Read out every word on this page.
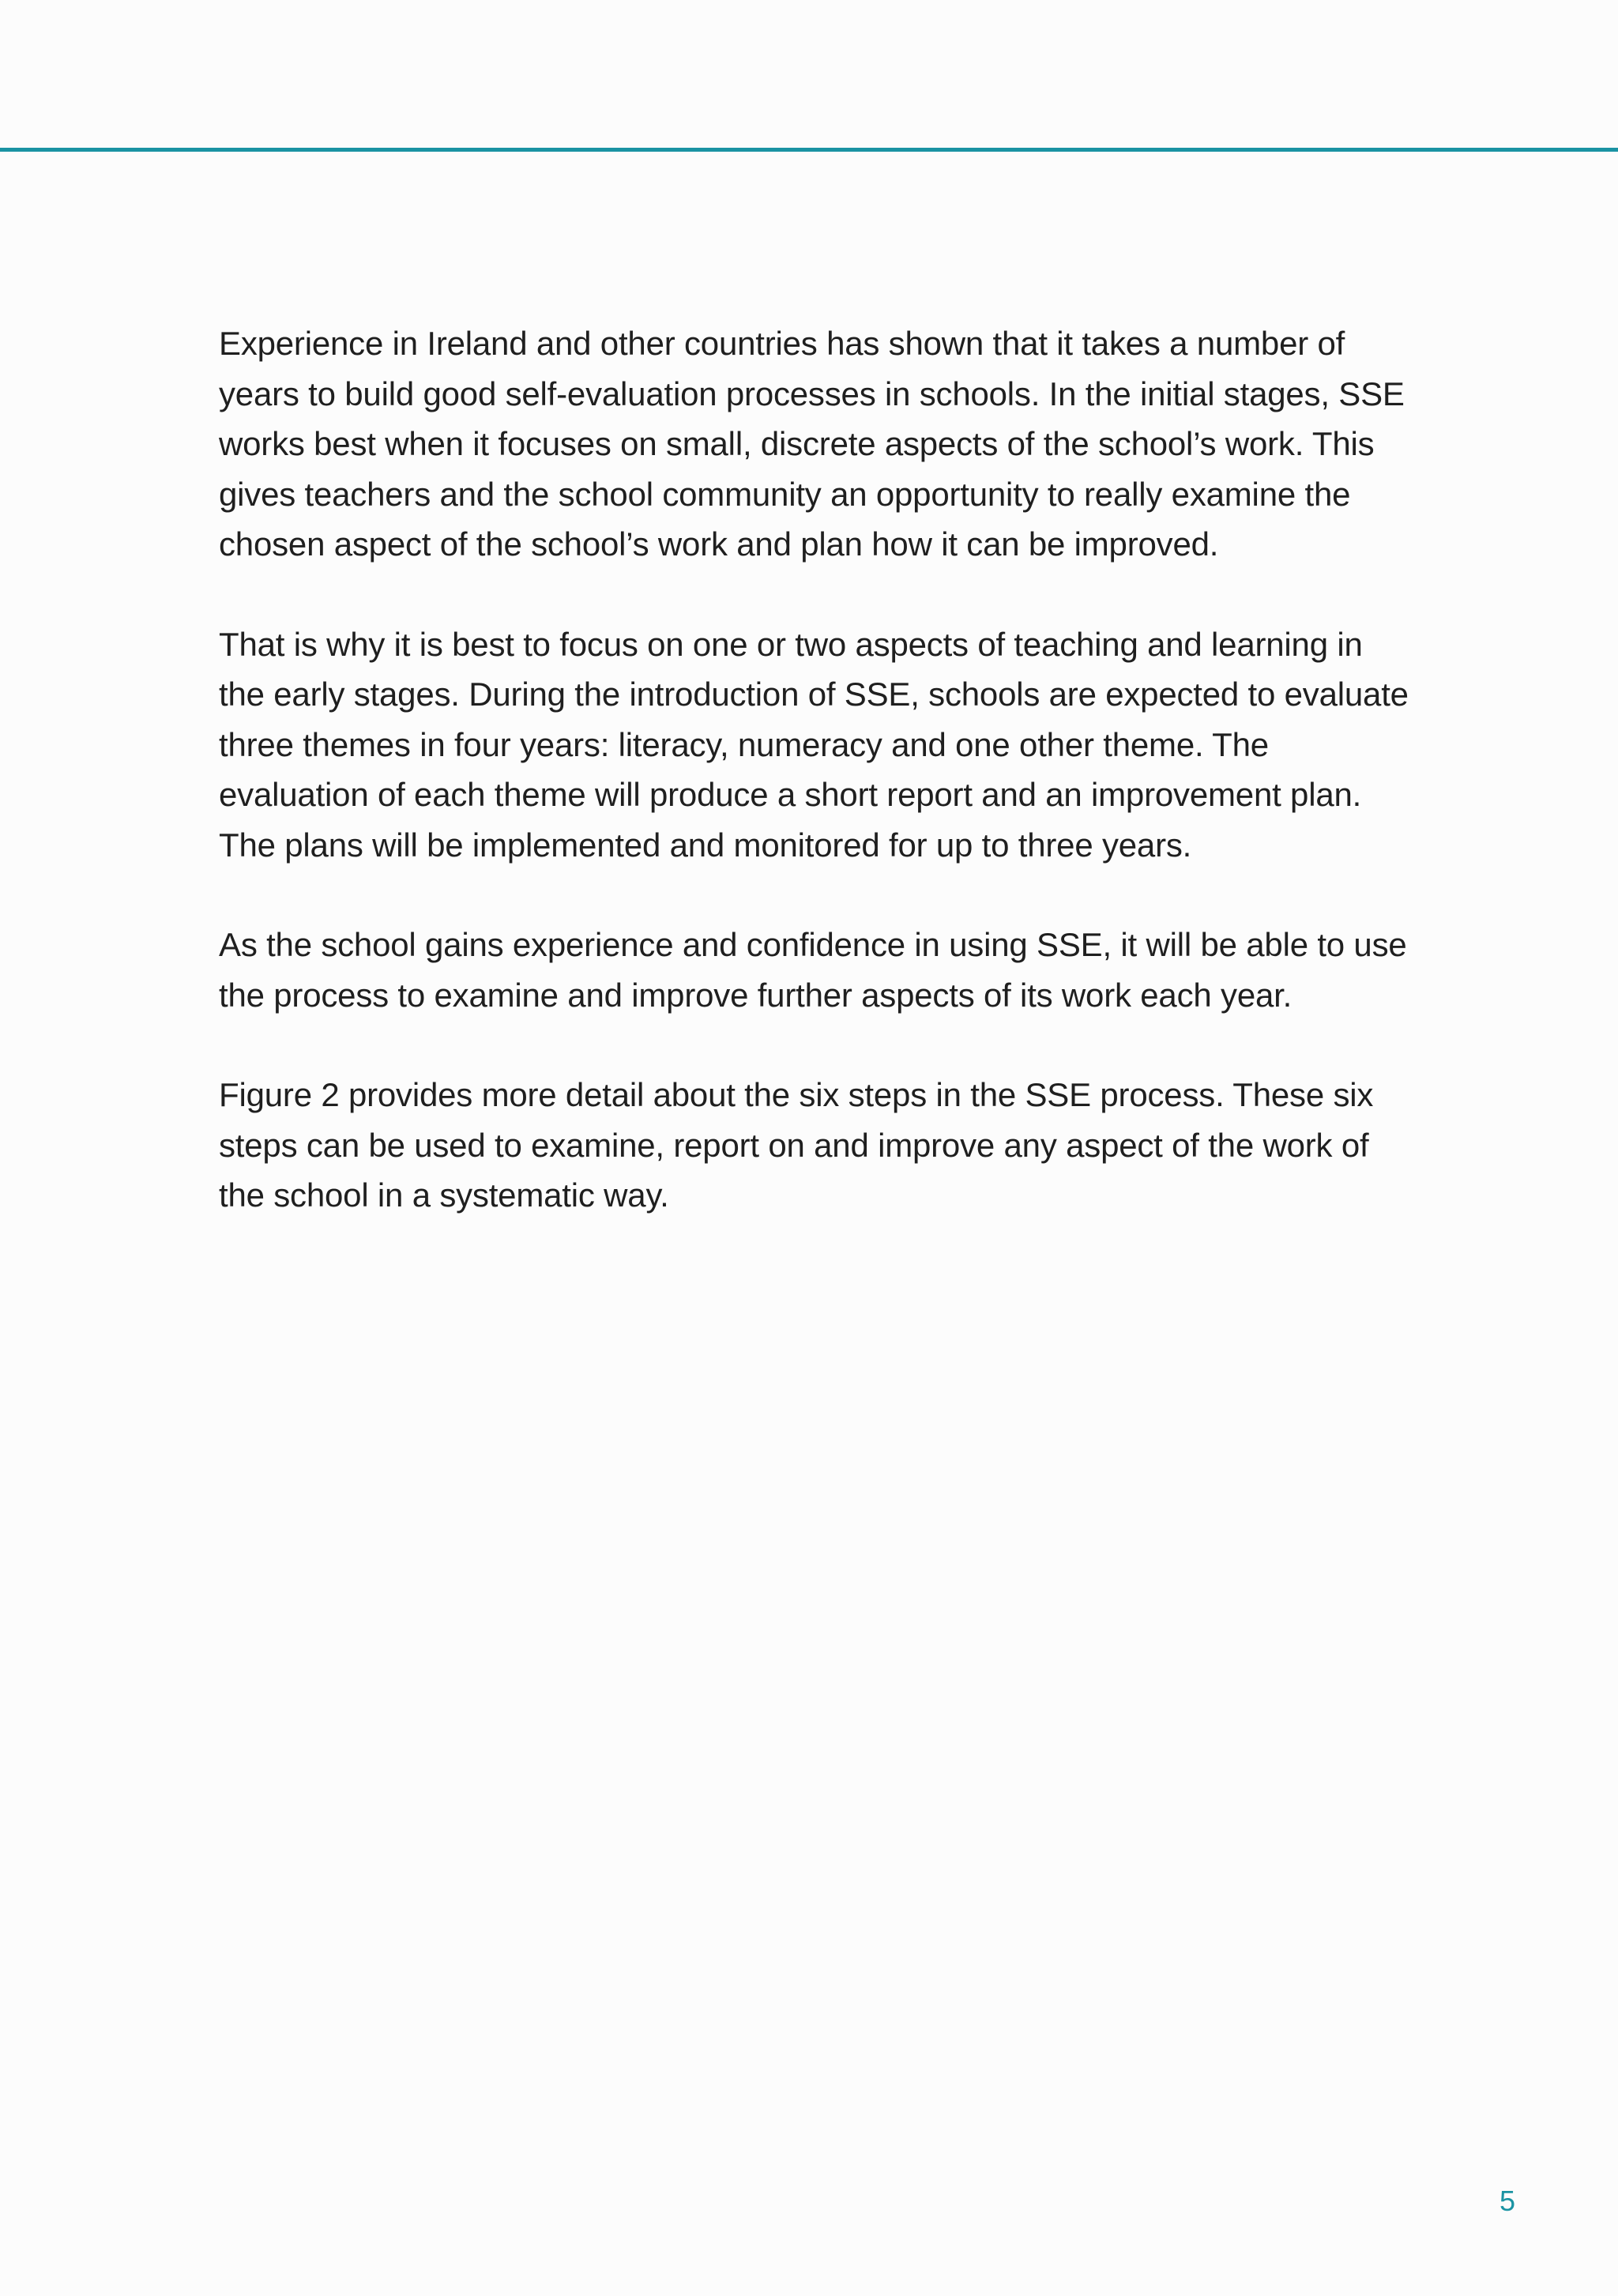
Experience in Ireland and other countries has shown that it takes a number of years to build good self-evaluation processes in schools. In the initial stages, SSE works best when it focuses on small, discrete aspects of the school’s work. This gives teachers and the school community an opportunity to really examine the chosen aspect of the school’s work and plan how it can be improved.

That is why it is best to focus on one or two aspects of teaching and learning in the early stages. During the introduction of SSE, schools are expected to evaluate three themes in four years: literacy, numeracy and one other theme. The evaluation of each theme will produce a short report and an improvement plan. The plans will be implemented and monitored for up to three years.

As the school gains experience and confidence in using SSE, it will be able to use the process to examine and improve further aspects of its work each year.

Figure 2 provides more detail about the six steps in the SSE process. These six steps can be used to examine, report on and improve any aspect of the work of the school in a systematic way.

5
